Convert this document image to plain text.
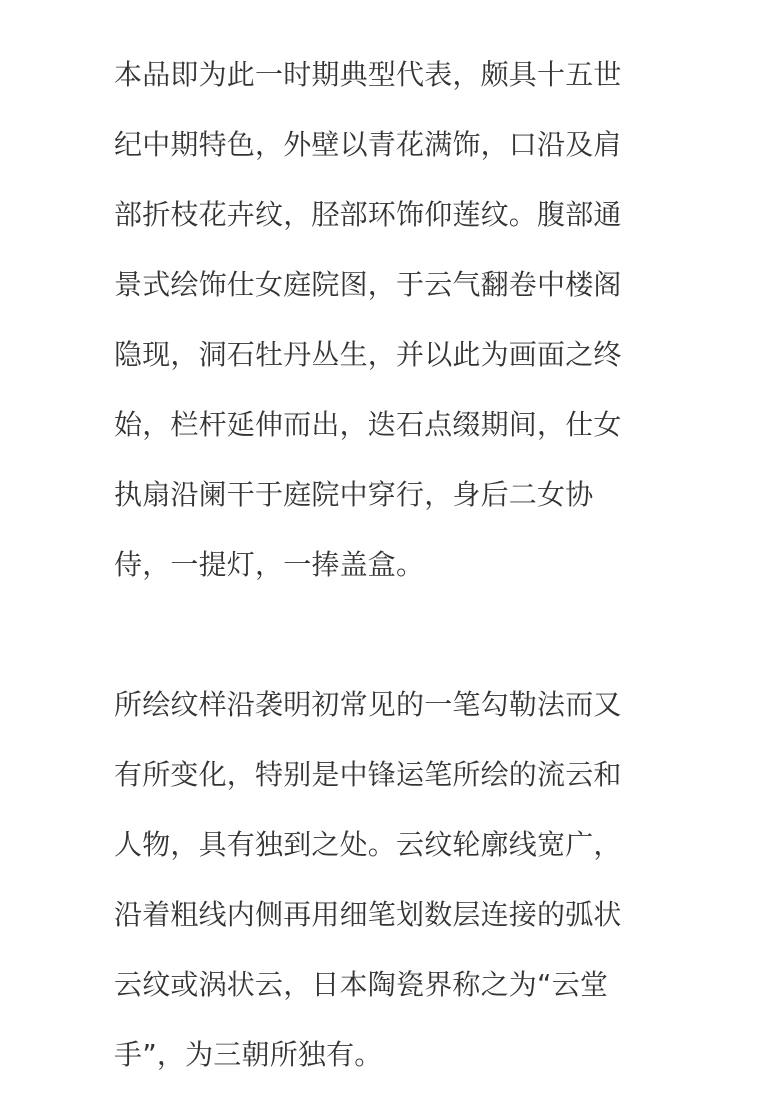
本品即为此一时期典型代表，颇具十五世
纪中期特色，外壁以青花满饰，口沿及肩
部折枝花卉纹，胫部环饰仰莲纹。腹部通
景式绘饰仕女庭院图，于云气翻卷中楼阁
隐现，洞石牡丹丛生，并以此为画面之终
始，栏杆延伸而出，迭石点缀期间，仕女
执扇沿阑干于庭院中穿行，身后二女协
侍，一提灯，一捧盖盒。

所绘纹样沿袭明初常见的一笔勾勒法而又
有所变化，特别是中锋运笔所绘的流云和
人物，具有独到之处。云纹轮廓线宽广，
沿着粗线内侧再用细笔划数层连接的弧状
云纹或涡状云，日本陶瓷界称之为“云堂
手”，为三朝所独有。
